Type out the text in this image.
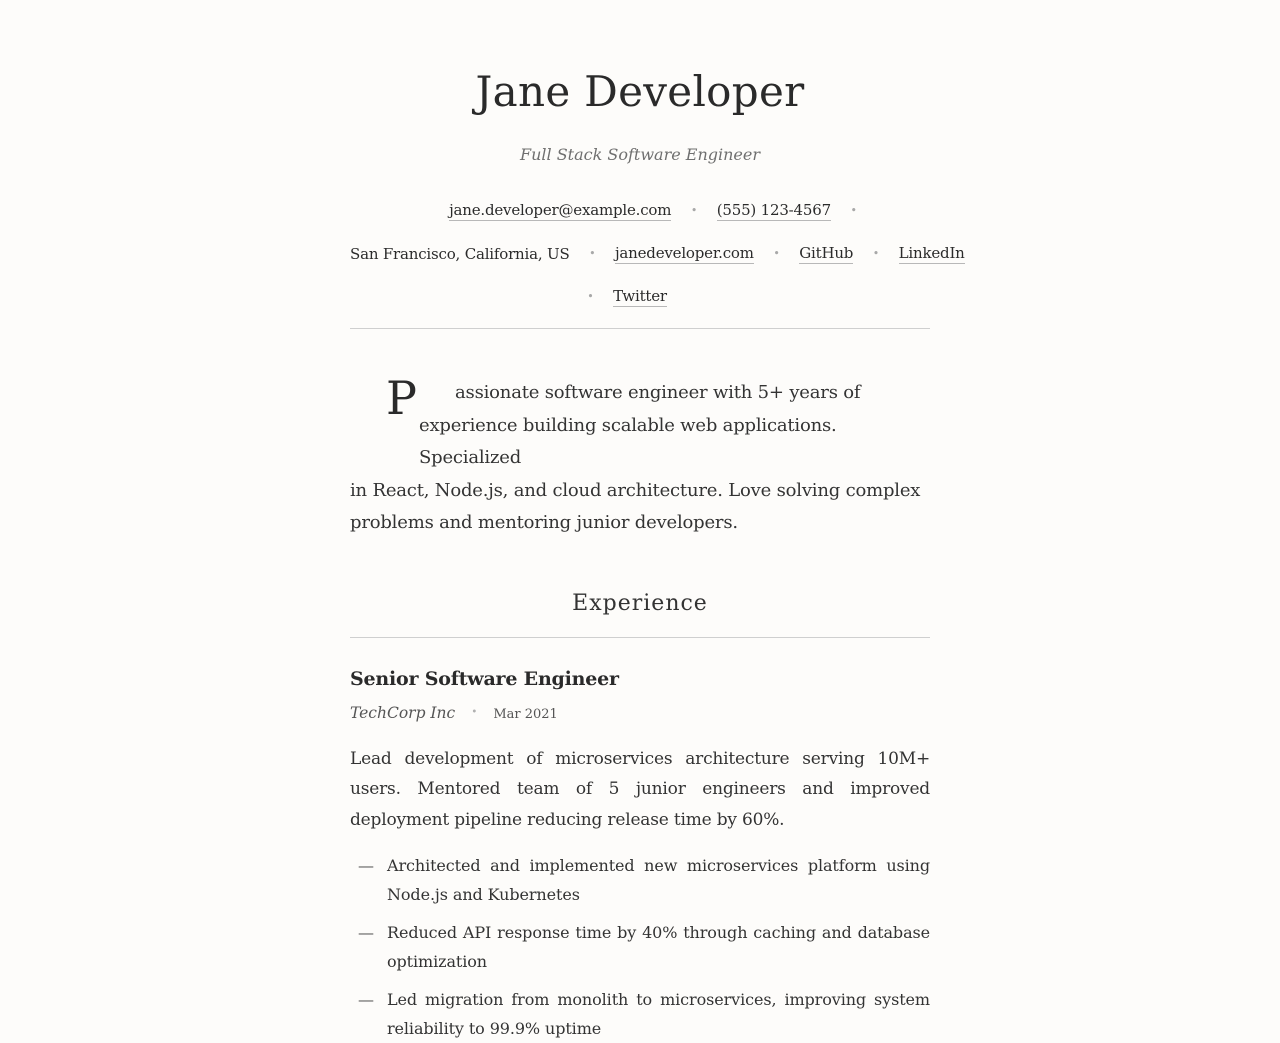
Jane Developer
Full Stack Software Engineer
jane.developer@example.com • (555) 123-4567 •
San Francisco, California, US • janedeveloper.com • GitHub • LinkedIn
• Twitter
P	assionate software engineer with 5+ years of
experience building scalable web applications. Specialized
in React, Node.js, and cloud architecture. Love solving complex
problems and mentoring junior developers.
Experience
Senior Software Engineer
TechCorp Inc • Mar 2021

Lead development of microservices architecture serving 10M+ users. Mentored team of 5 junior engineers and improved deployment pipeline reducing release time by 60%.

— Architected and implemented new microservices platform using Node.js and Kubernetes
— Reduced API response time by 40% through caching and database optimization
— Led migration from monolith to microservices, improving system reliability to 99.9% uptime
